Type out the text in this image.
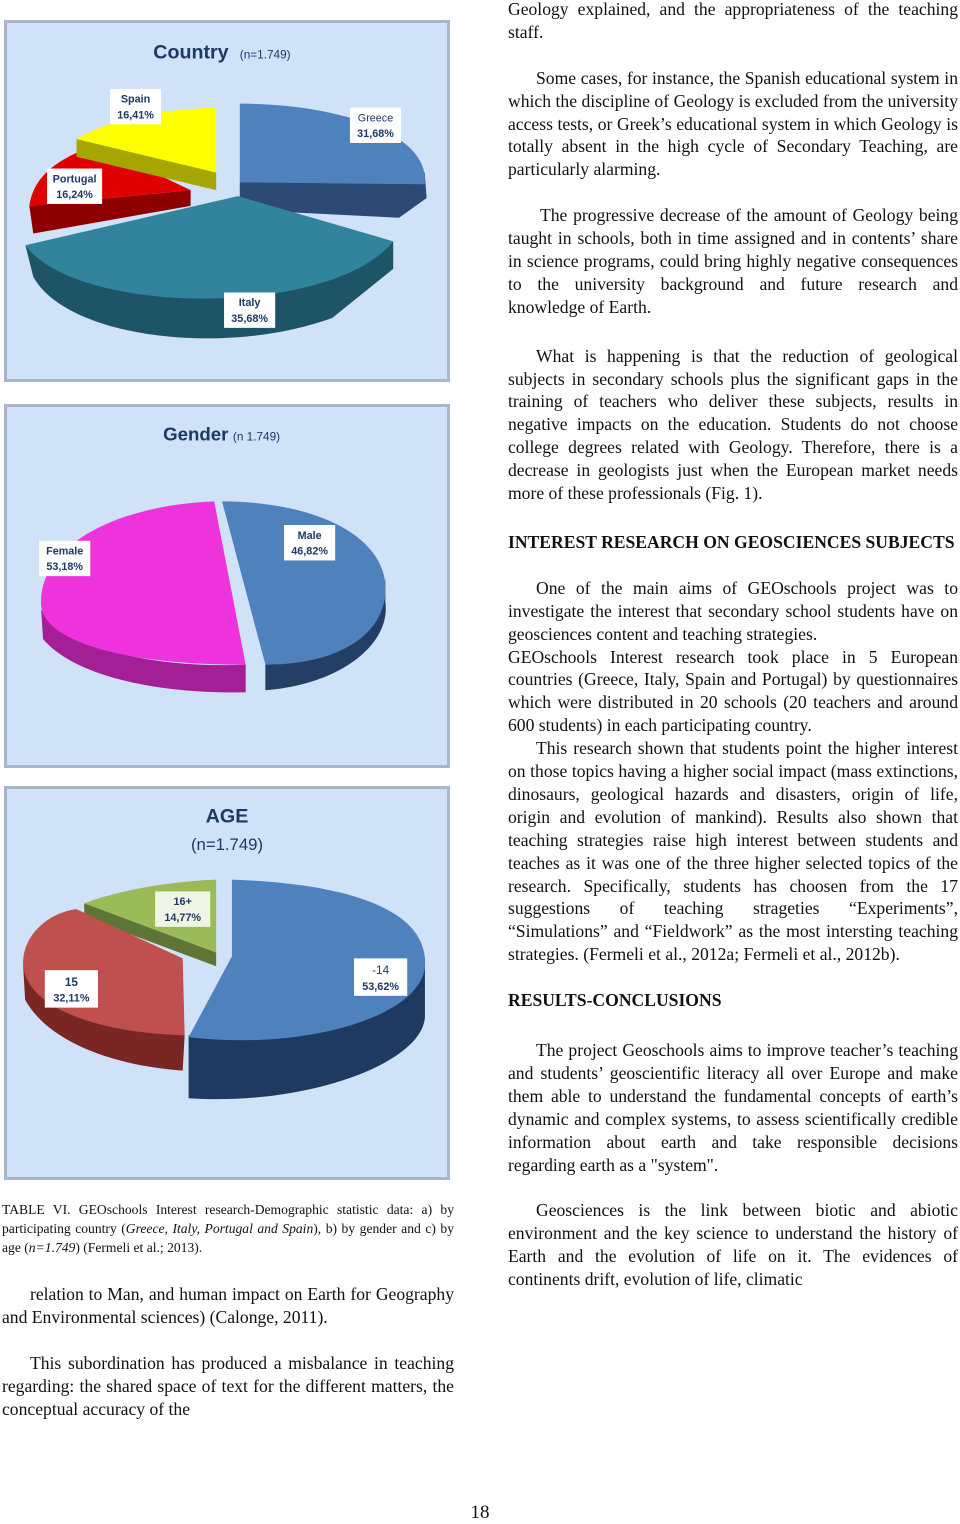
Country (n=1.749)
Greece
31,68%
Spain
16,41%
Portugal
16,24%
Italy
35,68%
Gender (n 1.749)
Female
53,18%
Male
46,82%
AGE
(n=1.749)
16+
14,77%
15
32,11%
-14
53,62%

TABLE VI. GEOschools Interest research-Demographic statistic data: a) by participating country (Greece, Italy, Portugal and Spain), b) by gender and c) by age (n=1.749) (Fermeli et al.; 2013).

relation to Man, and human impact on Earth for Geography and Environmental sciences) (Calonge, 2011).

This subordination has produced a misbalance in teaching regarding: the shared space of text for the different matters, the conceptual accuracy of the

Geology explained, and the appropriateness of the teaching staff.

Some cases, for instance, the Spanish educational system in which the discipline of Geology is excluded from the university access tests, or Greek’s educational system in which Geology is totally absent in the high cycle of Secondary Teaching, are particularly alarming.

The progressive decrease of the amount of Geology being taught in schools, both in time assigned and in contents’ share in science programs, could bring highly negative consequences to the university background and future research and knowledge of Earth.

What is happening is that the reduction of geological subjects in secondary schools plus the significant gaps in the training of teachers who deliver these subjects, results in negative impacts on the education. Students do not choose college degrees related with Geology. Therefore, there is a decrease in geologists just when the European market needs more of these professionals (Fig. 1).

INTEREST RESEARCH ON GEOSCIENCES SUBJECTS

One of the main aims of GEOschools project was to investigate the interest that secondary school students have on geosciences content and teaching strategies.

GEOschools Interest research took place in 5 European countries (Greece, Italy, Spain and Portugal) by questionnaires which were distributed in 20 schools (20 teachers and around 600 students) in each participating country.

This research shown that students point the higher interest on those topics having a higher social impact (mass extinctions, dinosaurs, geological hazards and disasters, origin of life, origin and evolution of mankind). Results also shown that teaching strategies raise high interest between students and teaches as it was one of the three higher selected topics of the research. Specifically, students has choosen from the 17 suggestions of teaching strageties “Experiments”, “Simulations” and “Fieldwork” as the most intersting teaching strategies. (Fermeli et al., 2012a; Fermeli et al., 2012b).

RESULTS-CONCLUSIONS

The project Geoschools aims to improve teacher’s teaching and students’ geoscientific literacy all over Europe and make them able to understand the fundamental concepts of earth’s dynamic and complex systems, to assess scientifically credible information about earth and take responsible decisions regarding earth as a "system".

Geosciences is the link between biotic and abiotic environment and the key science to understand the history of Earth and the evolution of life on it. The evidences of continents drift, evolution of life, climatic

18
